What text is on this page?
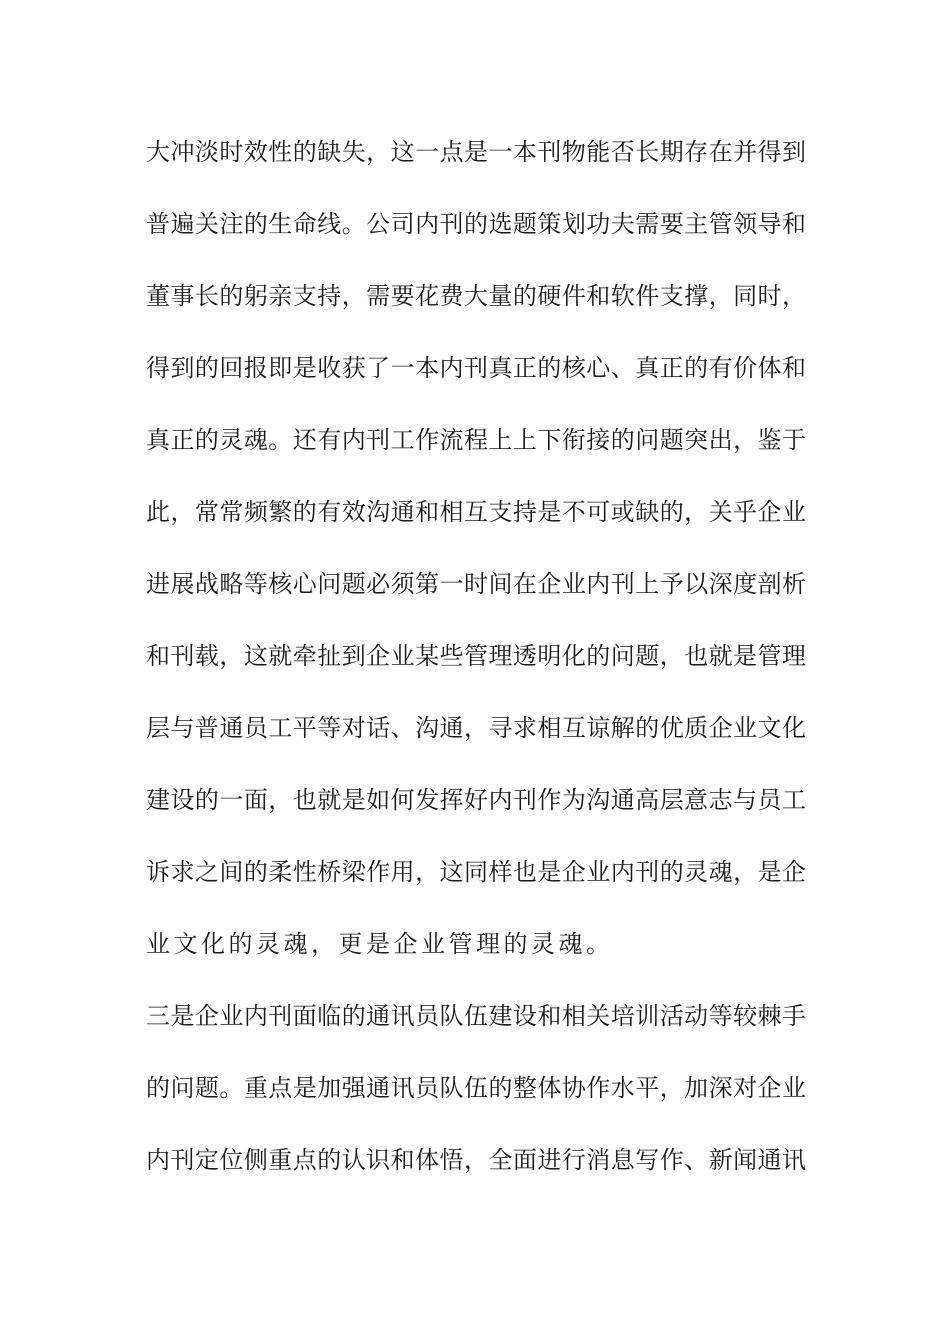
大冲淡时效性的缺失，这一点是一本刊物能否长期存在并得到
普遍关注的生命线。公司内刊的选题策划功夫需要主管领导和
董事长的躬亲支持，需要花费大量的硬件和软件支撑，同时，
得到的回报即是收获了一本内刊真正的核心、真正的有价体和
真正的灵魂。还有内刊工作流程上上下衔接的问题突出，鉴于
此，常常频繁的有效沟通和相互支持是不可或缺的，关乎企业
进展战略等核心问题必须第一时间在企业内刊上予以深度剖析
和刊载，这就牵扯到企业某些管理透明化的问题，也就是管理
层与普通员工平等对话、沟通，寻求相互谅解的优质企业文化
建设的一面，也就是如何发挥好内刊作为沟通高层意志与员工
诉求之间的柔性桥梁作用，这同样也是企业内刊的灵魂，是企
业文化的灵魂，更是企业管理的灵魂。
三是企业内刊面临的通讯员队伍建设和相关培训活动等较棘手
的问题。重点是加强通讯员队伍的整体协作水平，加深对企业
内刊定位侧重点的认识和体悟，全面进行消息写作、新闻通讯
